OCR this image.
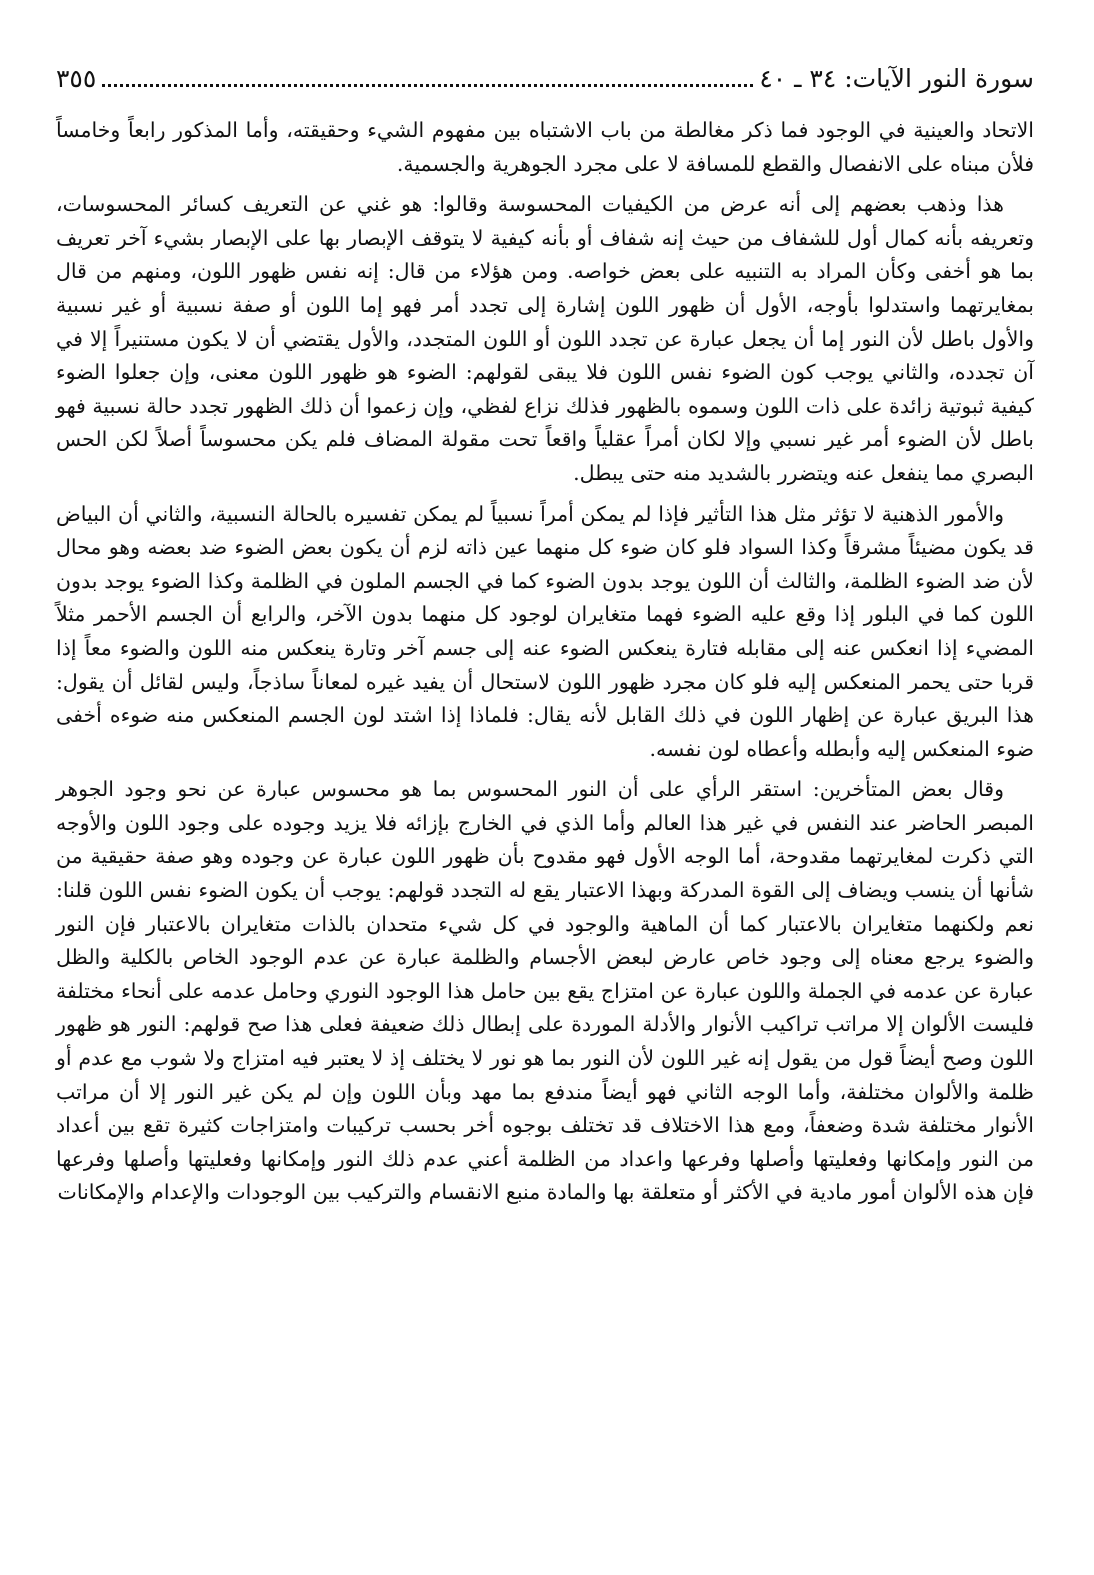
سورة النور الآيات: ٣٤ ـ ٤٠
٣٥٥

الاتحاد والعينية في الوجود فما ذكر مغالطة من باب الاشتباه بين مفهوم الشيء وحقيقته، وأما المذكور رابعاً وخامساً فلأن مبناه على الانفصال والقطع للمسافة لا على مجرد الجوهرية والجسمية.

هذا وذهب بعضهم إلى أنه عرض من الكيفيات المحسوسة وقالوا: هو غني عن التعريف كسائر المحسوسات، وتعريفه بأنه كمال أول للشفاف من حيث إنه شفاف أو بأنه كيفية لا يتوقف الإبصار بها على الإبصار بشيء آخر تعريف بما هو أخفى وكأن المراد به التنبيه على بعض خواصه. ومن هؤلاء من قال: إنه نفس ظهور اللون، ومنهم من قال بمغايرتهما واستدلوا بأوجه، الأول أن ظهور اللون إشارة إلى تجدد أمر فهو إما اللون أو صفة نسبية أو غير نسبية والأول باطل لأن النور إما أن يجعل عبارة عن تجدد اللون أو اللون المتجدد، والأول يقتضي أن لا يكون مستنيراً إلا في آن تجدده، والثاني يوجب كون الضوء نفس اللون فلا يبقى لقولهم: الضوء هو ظهور اللون معنى، وإن جعلوا الضوء كيفية ثبوتية زائدة على ذات اللون وسموه بالظهور فذلك نزاع لفظي، وإن زعموا أن ذلك الظهور تجدد حالة نسبية فهو باطل لأن الضوء أمر غير نسبي وإلا لكان أمراً عقلياً واقعاً تحت مقولة المضاف فلم يكن محسوساً أصلاً لكن الحس البصري مما ينفعل عنه ويتضرر بالشديد منه حتى يبطل.

والأمور الذهنية لا تؤثر مثل هذا التأثير فإذا لم يمكن أمراً نسبياً لم يمكن تفسيره بالحالة النسبية، والثاني أن البياض قد يكون مضيئاً مشرقاً وكذا السواد فلو كان ضوء كل منهما عين ذاته لزم أن يكون بعض الضوء ضد بعضه وهو محال لأن ضد الضوء الظلمة، والثالث أن اللون يوجد بدون الضوء كما في الجسم الملون في الظلمة وكذا الضوء يوجد بدون اللون كما في البلور إذا وقع عليه الضوء فهما متغايران لوجود كل منهما بدون الآخر، والرابع أن الجسم الأحمر مثلاً المضيء إذا انعكس عنه إلى مقابله فتارة ينعكس الضوء عنه إلى جسم آخر وتارة ينعكس منه اللون والضوء معاً إذا قربا حتى يحمر المنعكس إليه فلو كان مجرد ظهور اللون لاستحال أن يفيد غيره لمعاناً ساذجاً، وليس لقائل أن يقول: هذا البريق عبارة عن إظهار اللون في ذلك القابل لأنه يقال: فلماذا إذا اشتد لون الجسم المنعكس منه ضوءه أخفى ضوء المنعكس إليه وأبطله وأعطاه لون نفسه.

وقال بعض المتأخرين: استقر الرأي على أن النور المحسوس بما هو محسوس عبارة عن نحو وجود الجوهر المبصر الحاضر عند النفس في غير هذا العالم وأما الذي في الخارج بإزائه فلا يزيد وجوده على وجود اللون والأوجه التي ذكرت لمغايرتهما مقدوحة، أما الوجه الأول فهو مقدوح بأن ظهور اللون عبارة عن وجوده وهو صفة حقيقية من شأنها أن ينسب ويضاف إلى القوة المدركة وبهذا الاعتبار يقع له التجدد قولهم: يوجب أن يكون الضوء نفس اللون قلنا: نعم ولكنهما متغايران بالاعتبار كما أن الماهية والوجود في كل شيء متحدان بالذات متغايران بالاعتبار فإن النور والضوء يرجع معناه إلى وجود خاص عارض لبعض الأجسام والظلمة عبارة عن عدم الوجود الخاص بالكلية والظل عبارة عن عدمه في الجملة واللون عبارة عن امتزاج يقع بين حامل هذا الوجود النوري وحامل عدمه على أنحاء مختلفة فليست الألوان إلا مراتب تراكيب الأنوار والأدلة الموردة على إبطال ذلك ضعيفة فعلى هذا صح قولهم: النور هو ظهور اللون وصح أيضاً قول من يقول إنه غير اللون لأن النور بما هو نور لا يختلف إذ لا يعتبر فيه امتزاج ولا شوب مع عدم أو ظلمة والألوان مختلفة، وأما الوجه الثاني فهو أيضاً مندفع بما مهد وبأن اللون وإن لم يكن غير النور إلا أن مراتب الأنوار مختلفة شدة وضعفاً، ومع هذا الاختلاف قد تختلف بوجوه أخر بحسب تركيبات وامتزاجات كثيرة تقع بين أعداد من النور وإمكانها وفعليتها وأصلها وفرعها واعداد من الظلمة أعني عدم ذلك النور وإمكانها وفعليتها وأصلها وفرعها فإن هذه الألوان أمور مادية في الأكثر أو متعلقة بها والمادة منبع الانقسام والتركيب بين الوجودات والإعدام والإمكانات
